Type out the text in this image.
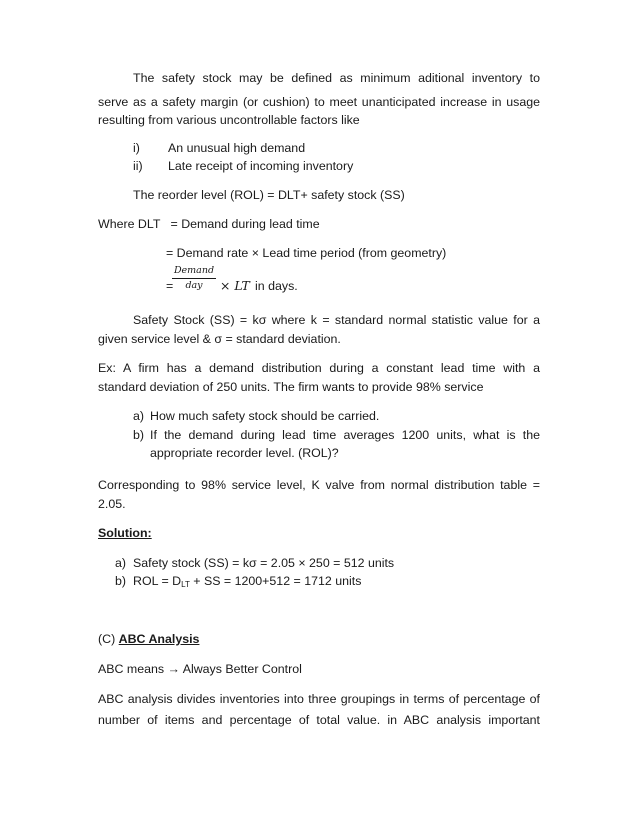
The safety stock may be defined as minimum aditional inventory to
serve as a safety margin (or cushion) to meet unanticipated increase in usage
resulting from various uncontrollable factors like
i) An unusual high demand
ii) Late receipt of incoming inventory
The reorder level (ROL) = DLT+ safety stock (SS)
Where DLT   = Demand during lead time
= Demand rate × Lead time period (from geometry)
=
Demand
day	× LT in days.
Safety Stock (SS) = kσ where k = standard normal statistic value for a
given service level & σ = standard deviation.
Ex: A firm has a demand distribution during a constant lead time with a
standard deviation of 250 units. The firm wants to provide 98% service
a) How much safety stock should be carried.
b) If the demand during lead time averages 1200 units, what is the
appropriate recorder level. (ROL)?
Corresponding to 98% service level, K valve from normal distribution table =
2.05.
Solution:
a) Safety stock (SS) = kσ = 2.05 × 250 = 512 units
b) ROL = $D_{LT}$ + SS = 1200+512 = 1712 units
(C) ABC Analysis
ABC means → Always Better Control
ABC analysis divides inventories into three groupings in terms of percentage of
number of items and percentage of total value. in ABC analysis important
